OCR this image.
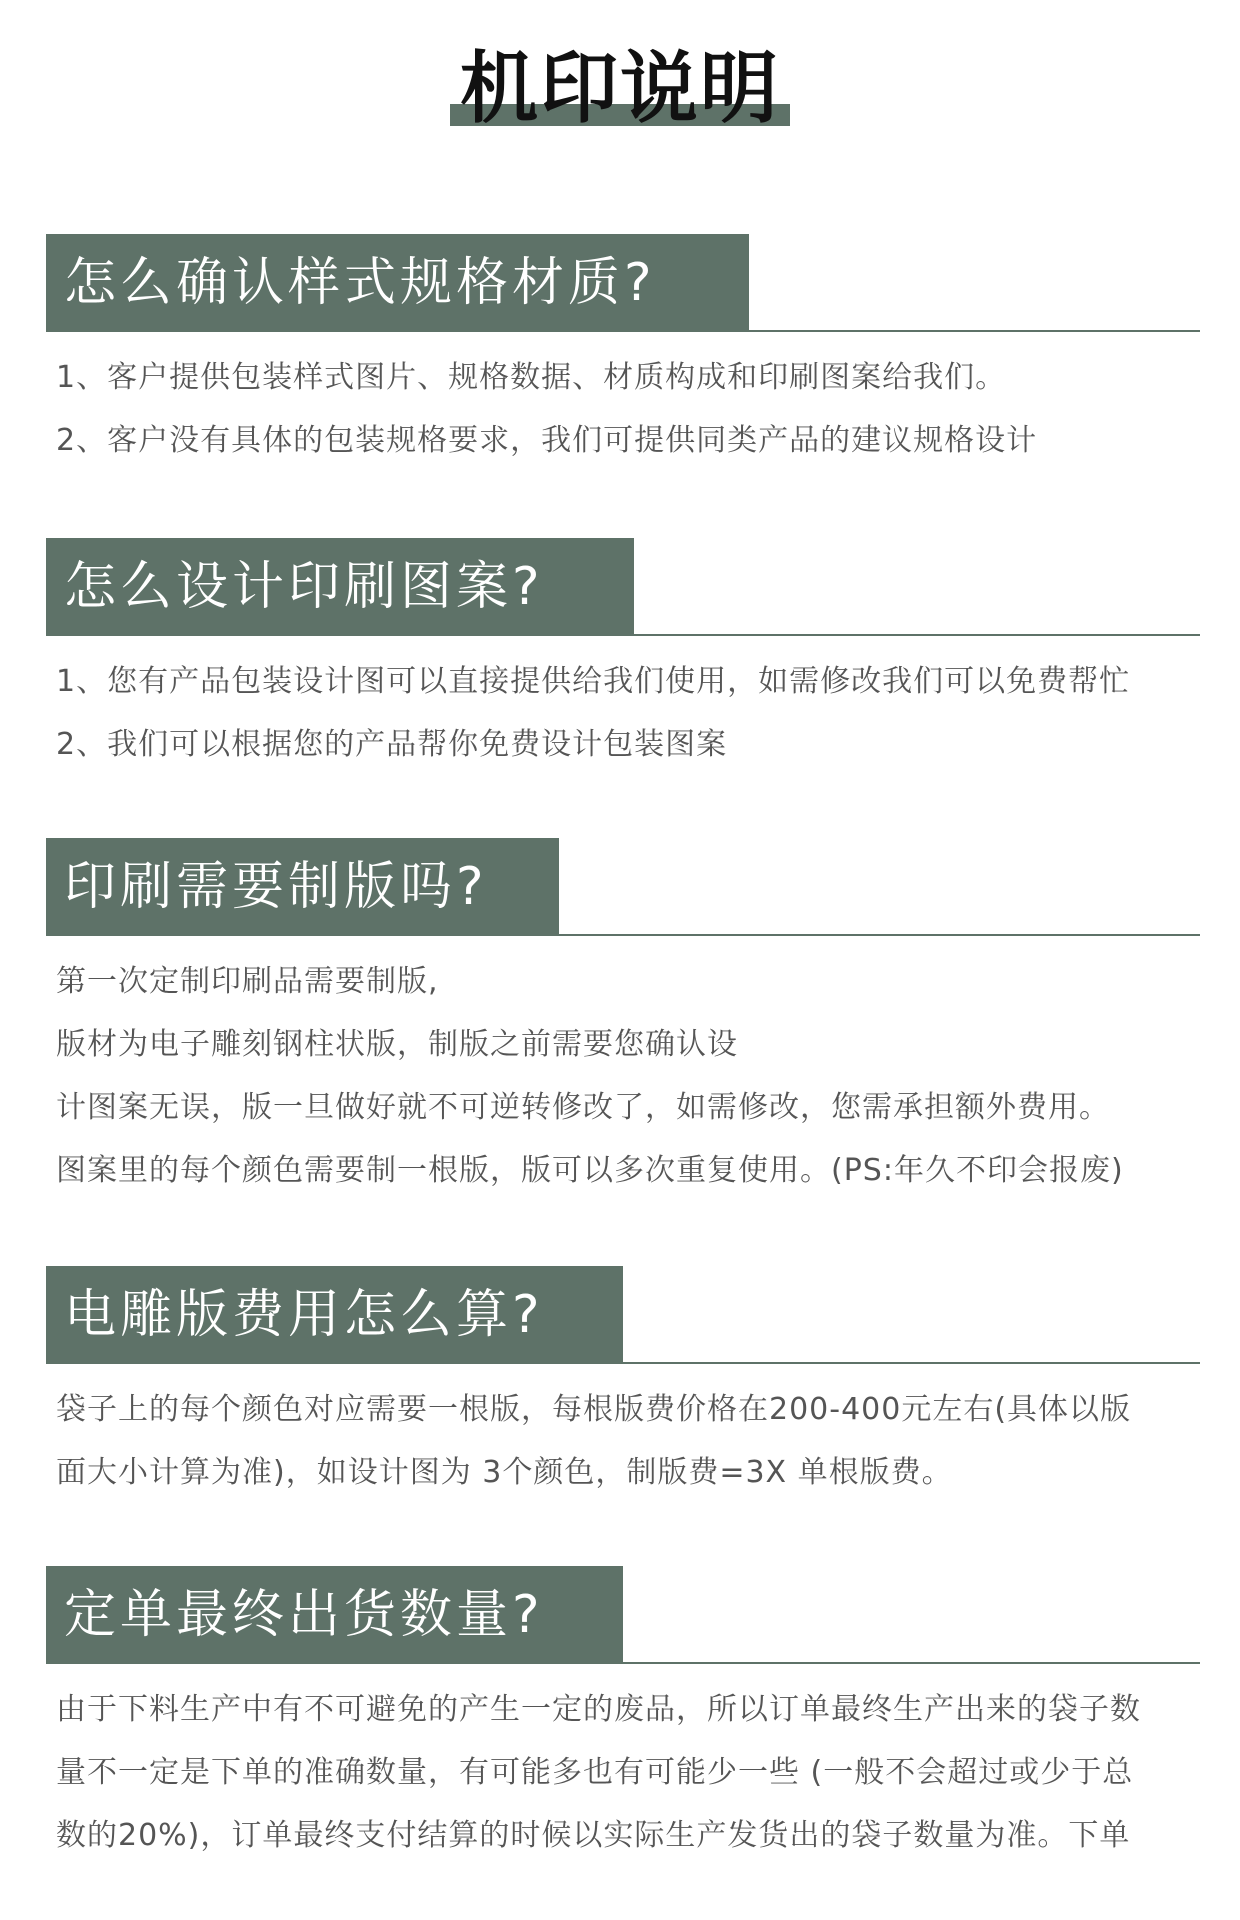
机印说明
怎么确认样式规格材质?
1、客户提供包装样式图片、规格数据、材质构成和印刷图案给我们。
2、客户没有具体的包装规格要求，我们可提供同类产品的建议规格设计
怎么设计印刷图案?
1、您有产品包装设计图可以直接提供给我们使用，如需修改我们可以免费帮忙
2、我们可以根据您的产品帮你免费设计包装图案
印刷需要制版吗?
第一次定制印刷品需要制版,
版材为电子雕刻钢柱状版，制版之前需要您确认设
计图案无误，版一旦做好就不可逆转修改了，如需修改，您需承担额外费用。
图案里的每个颜色需要制一根版，版可以多次重复使用。(PS:年久不印会报废)
电雕版费用怎么算?
袋子上的每个颜色对应需要一根版，每根版费价格在200-400元左右(具体以版
面大小计算为准)，如设计图为 3个颜色，制版费=3X 单根版费。
定单最终出货数量?
由于下料生产中有不可避免的产生一定的废品，所以订单最终生产出来的袋子数
量不一定是下单的准确数量，有可能多也有可能少一些 (一般不会超过或少于总
数的20%)，订单最终支付结算的时候以实际生产发货出的袋子数量为准。下单
